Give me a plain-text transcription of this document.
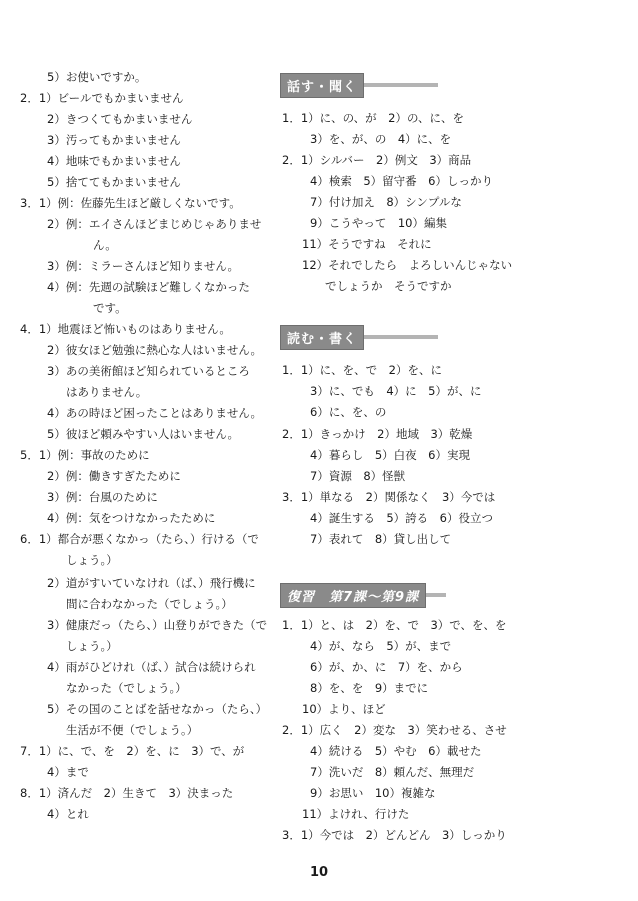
5）お使いですか。
2．1）ビールでもかまいません
2）きつくてもかまいません
3）汚ってもかまいません
4）地味でもかまいません
5）捨ててもかまいません
3．1）例：佐藤先生ほど厳しくないです。
2）例：エイさんほどまじめじゃありませ
ん。
3）例：ミラーさんほど知りません。
4）例：先週の試験ほど難しくなかった
です。
4．1）地震ほど怖いものはありません。
2）彼女ほど勉強に熱心な人はいません。
3）あの美術館ほど知られているところ
はありません。
4）あの時ほど困ったことはありません。
5）彼ほど頼みやすい人はいません。
5．1）例：事故のために
2）例：働きすぎたために
3）例：台風のために
4）例：気をつけなかったために
6．1）都合が悪くなかっ（たら、）行ける（で
しょう。）
2）道がすいていなけれ（ば、）飛行機に
間に合わなかった（でしょう。）
3）健康だっ（たら、）山登りができた（で
しょう。）
4）雨がひどけれ（ば、）試合は続けられ
なかった（でしょう。）
5）その国のことばを話せなかっ（たら、）
生活が不便（でしょう。）
7．1）に、で、を　2）を、に　3）で、が
4）まで
8．1）済んだ　2）生きて　3）決まった
4）とれ
話す・聞く
1．1）に、の、が　2）の、に、を
3）を、が、の　4）に、を
2．1）シルバー　2）例文　3）商品
4）検索　5）留守番　6）しっかり
7）付け加え　8）シンプルな
9）こうやって　10）編集
11）そうですね　それに
12）それでしたら　よろしいんじゃない
でしょうか　そうですか
読む・書く
1．1）に、を、で　2）を、に
3）に、でも　4）に　5）が、に
6）に、を、の
2．1）きっかけ　2）地域　3）乾燥
4）暮らし　5）白夜　6）実現
7）資源　8）怪獣
3．1）単なる　2）関係なく　3）今では
4）誕生する　5）誇る　6）役立つ
7）表れて　8）貸し出して
復習　第7課～第9課
1．1）と、は　2）を、で　3）で、を、を
4）が、なら　5）が、まで
6）が、か、に　7）を、から
8）を、を　9）までに
10）より、ほど
2．1）広く　2）変な　3）笑わせる、させ
4）続ける　5）やむ　6）載せた
7）洗いだ　8）頼んだ、無理だ
9）お思い　10）複雑な
11）よけれ、行けた
3．1）今では　2）どんどん　3）しっかり
10
